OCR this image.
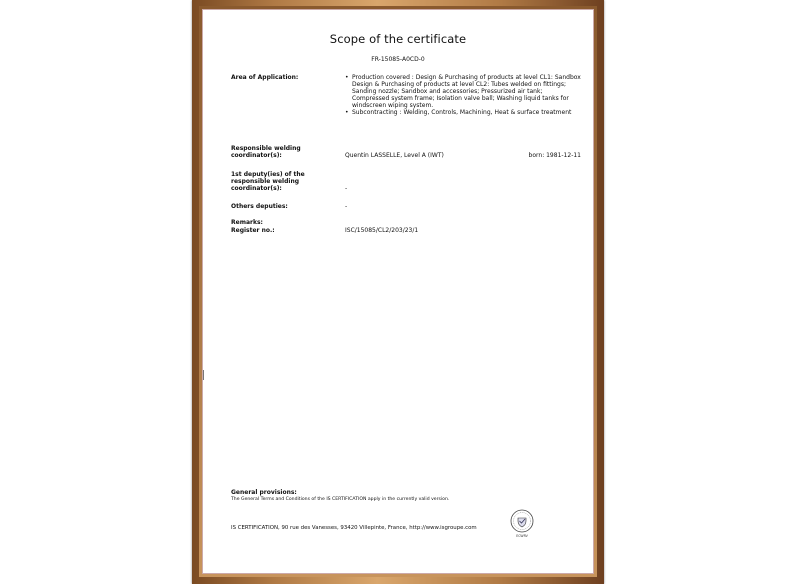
Scope of the certificate
FR-15085-A0CD-0
Area of Application:
•	Production covered : Design & Purchasing of products at level CL1: Sandbox
Design & Purchasing of products at level CL2: Tubes welded on fittings; Sanding nozzle; Sandbox and accessories; Pressurized air tank; Compressed system frame; Isolation valve ball; Washing liquid tanks for windscreen wiping system.
• Subcontracting : Welding, Controls, Machining, Heat & surface treatment
Responsible welding coordinator(s):	Quentin LASSELLE, Level A (IWT)	born: 1981-12-11
1st deputy(ies) of the responsible welding coordinator(s):	-
Others deputies:	-
Remarks:
Register no.:	ISC/15085/CL2/203/23/1
General provisions:
The General Terms and Conditions of the IS CERTIFICATION apply in the currently valid version.
ECWRV
IS CERTIFICATION, 90 rue des Vanesses, 93420 Villepinte, France, http://www.isgroupe.com
